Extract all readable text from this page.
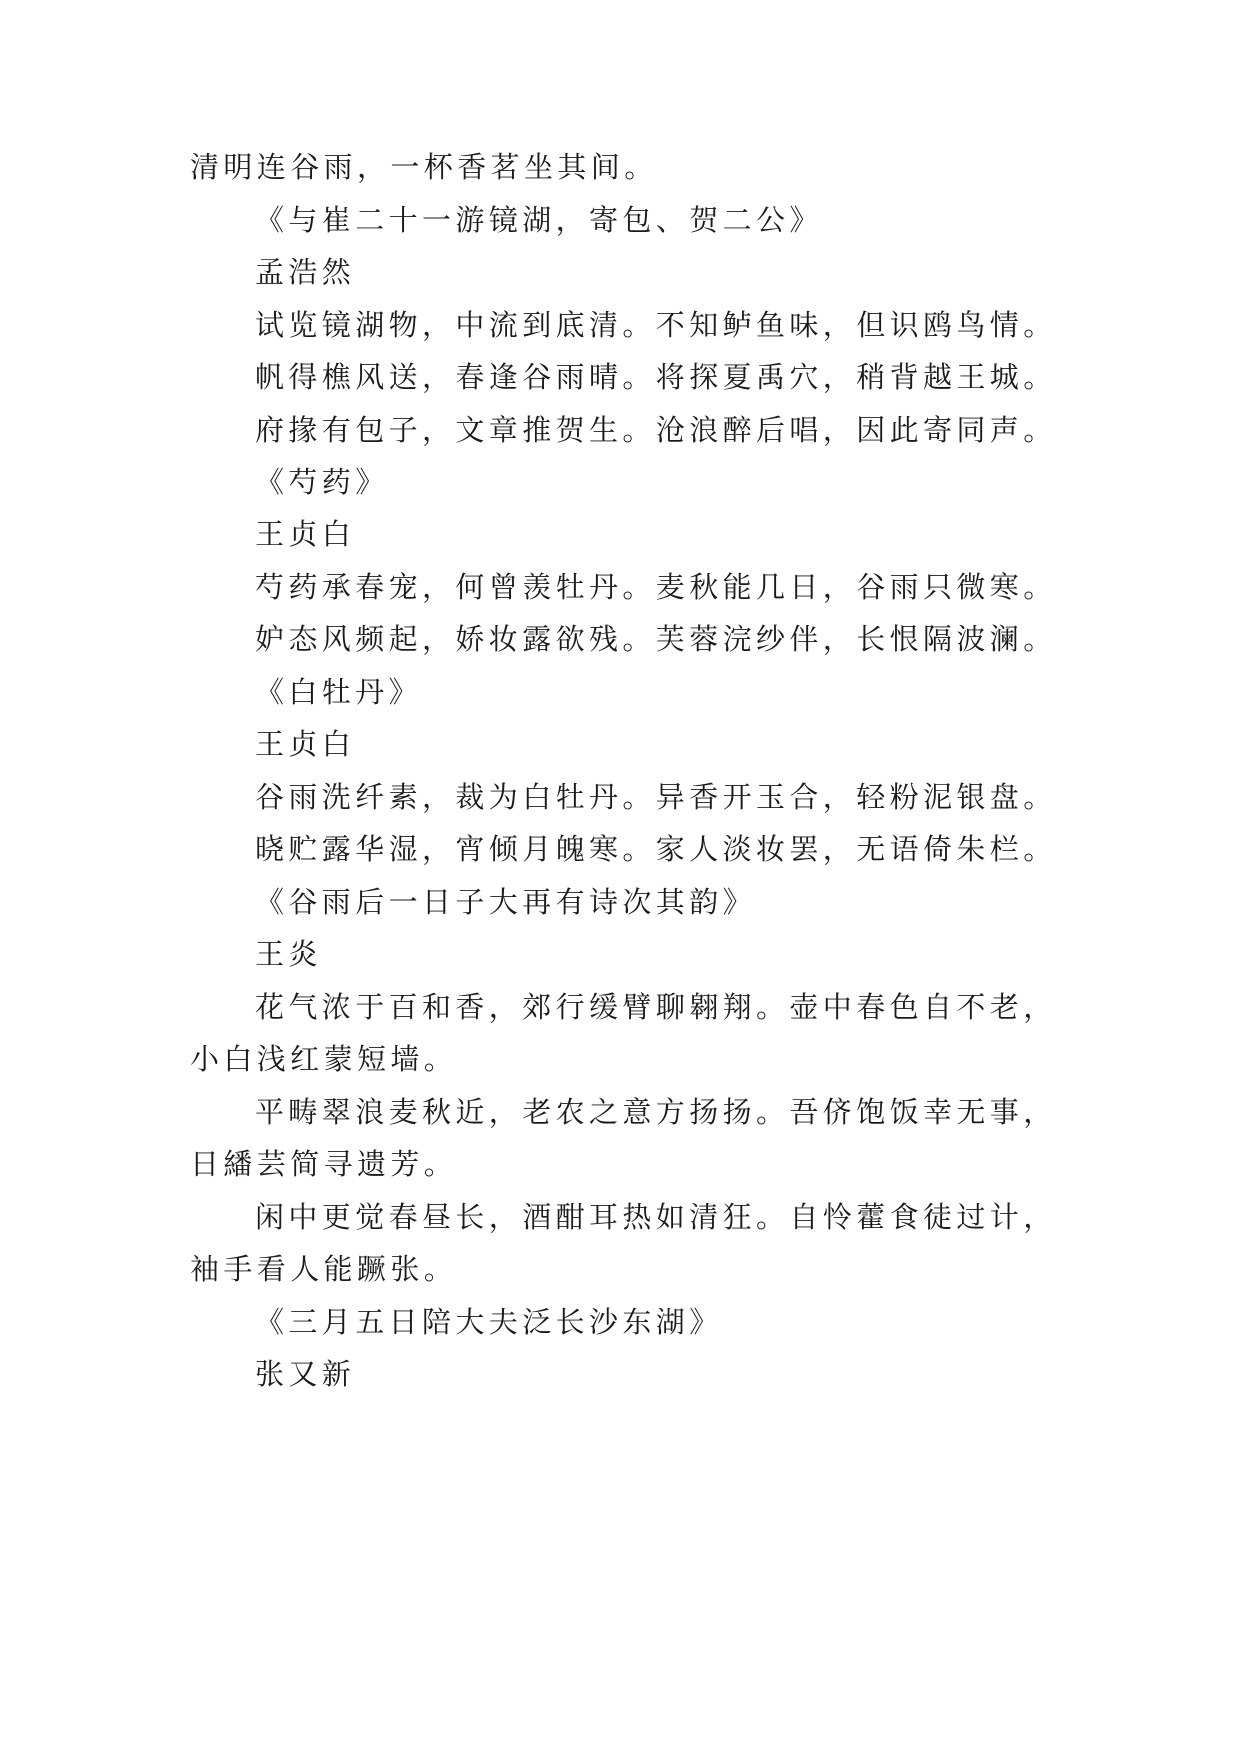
清明连谷雨，一杯香茗坐其间。
《与崔二十一游镜湖，寄包、贺二公》
孟浩然
试览镜湖物，中流到底清。不知鲈鱼味，但识鸥鸟情。
帆得樵风送，春逢谷雨晴。将探夏禹穴，稍背越王城。
府掾有包子，文章推贺生。沧浪醉后唱，因此寄同声。
《芍药》
王贞白
芍药承春宠，何曾羡牡丹。麦秋能几日，谷雨只微寒。
妒态风频起，娇妆露欲残。芙蓉浣纱伴，长恨隔波澜。
《白牡丹》
王贞白
谷雨洗纤素，裁为白牡丹。异香开玉合，轻粉泥银盘。
晓贮露华湿，宵倾月魄寒。家人淡妆罢，无语倚朱栏。
《谷雨后一日子大再有诗次其韵》
王炎
花气浓于百和香，郊行缓臂聊翱翔。壶中春色自不老，
小白浅红蒙短墙。
平畴翠浪麦秋近，老农之意方扬扬。吾侪饱饭幸无事，
日繙芸简寻遗芳。
闲中更觉春昼长，酒酣耳热如清狂。自怜藿食徒过计，
袖手看人能蹶张。
《三月五日陪大夫泛长沙东湖》
张又新
